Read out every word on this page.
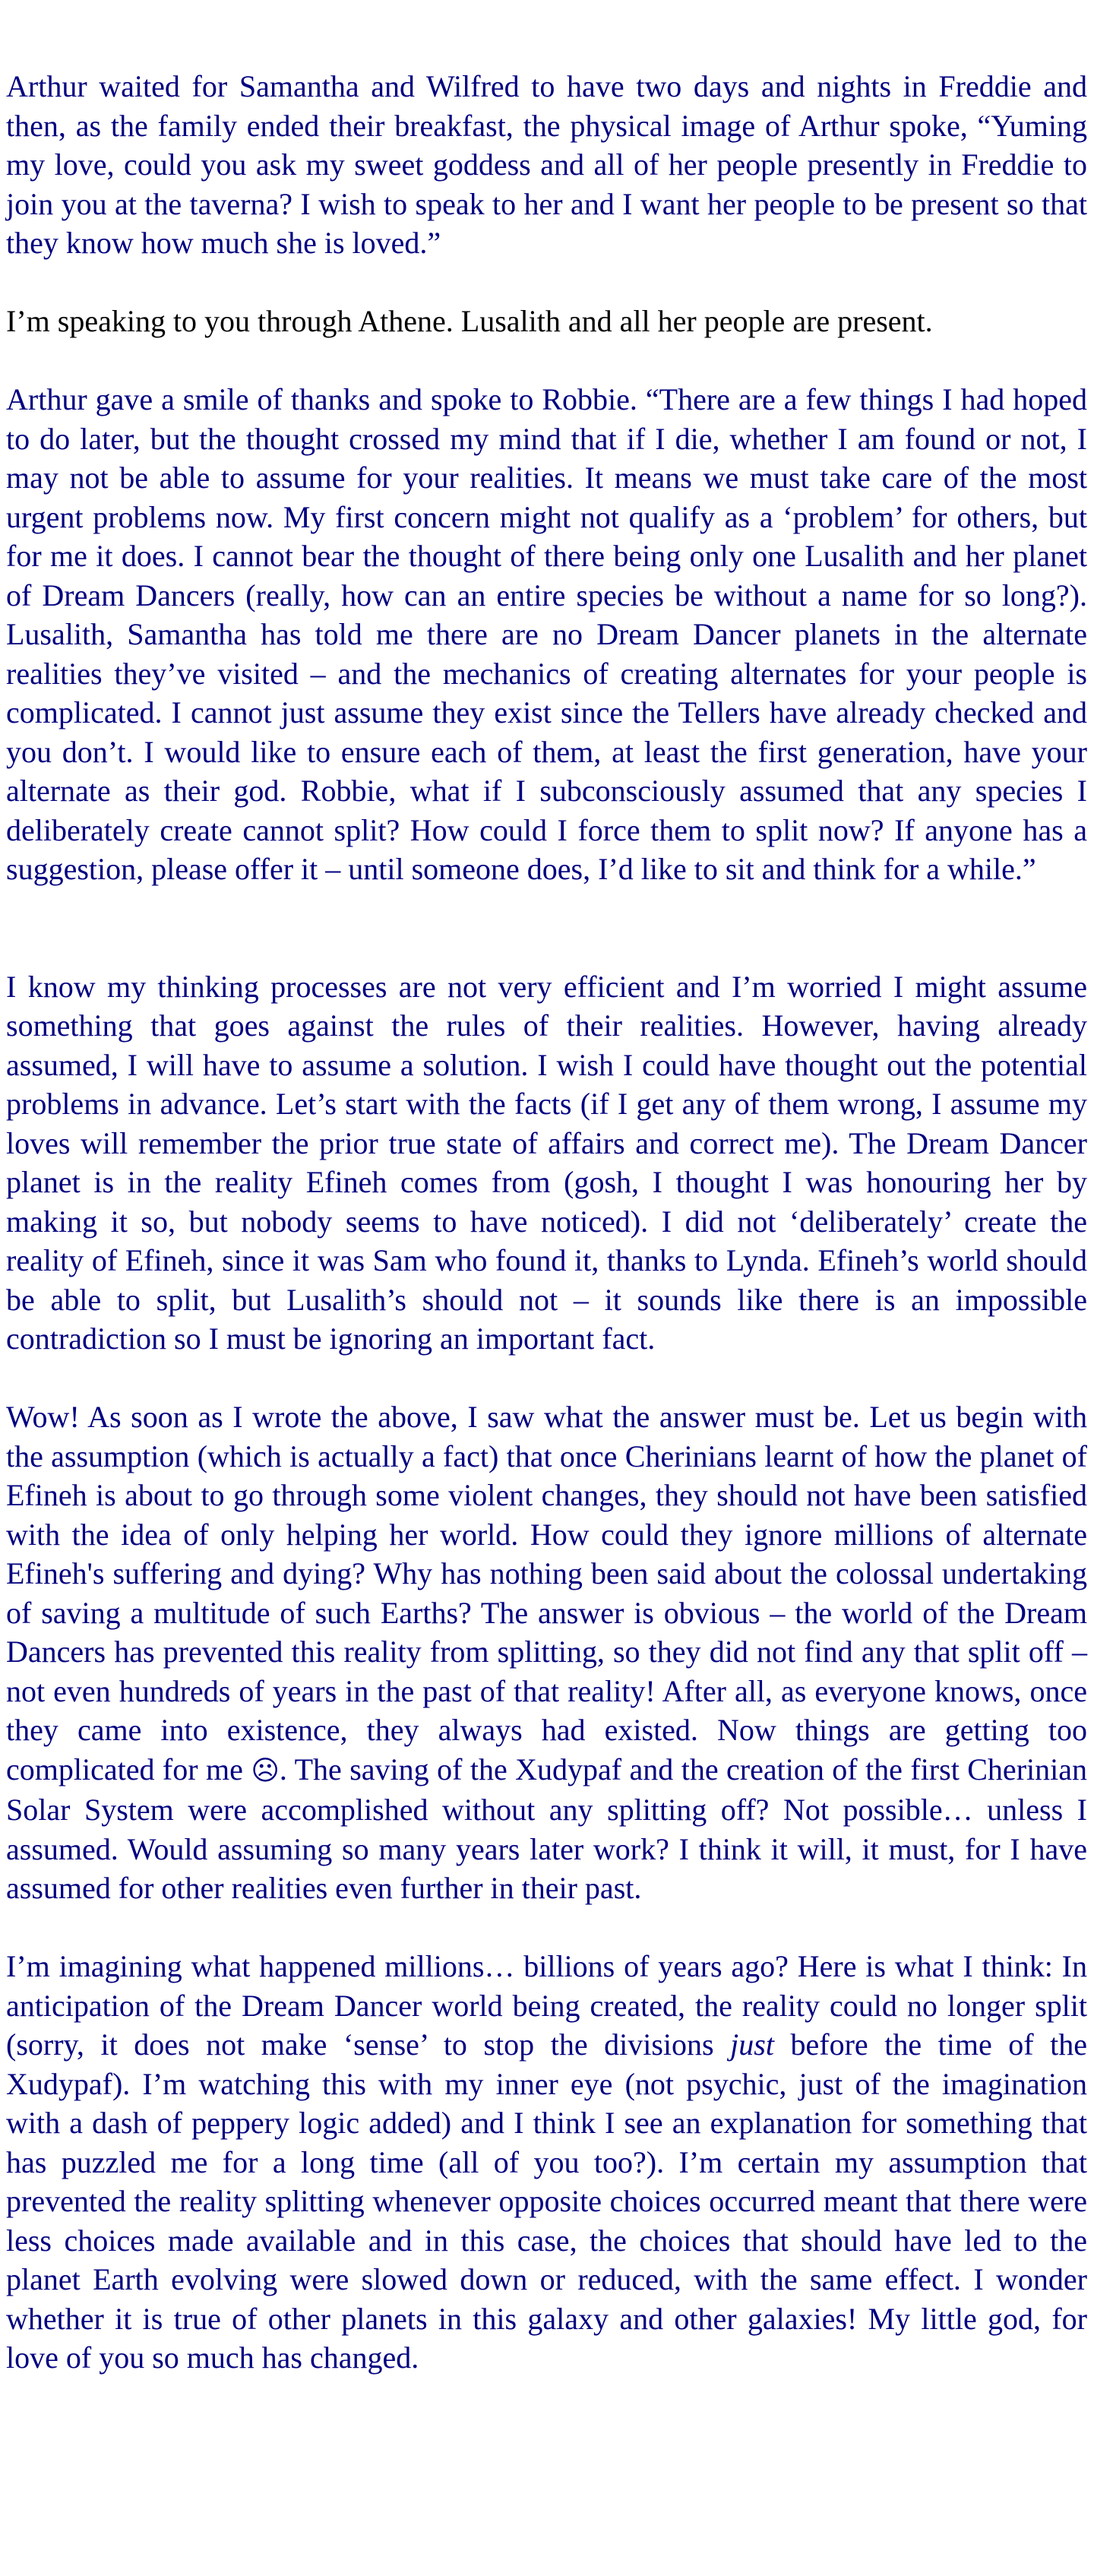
Arthur waited for Samantha and Wilfred to have two days and nights in Freddie and then, as the family ended their breakfast, the physical image of Arthur spoke, “Yuming my love, could you ask my sweet goddess and all of her people presently in Freddie to join you at the taverna? I wish to speak to her and I want her people to be present so that they know how much she is loved.”

I’m speaking to you through Athene. Lusalith and all her people are present.

Arthur gave a smile of thanks and spoke to Robbie. “There are a few things I had hoped to do later, but the thought crossed my mind that if I die, whether I am found or not, I may not be able to assume for your realities. It means we must take care of the most urgent problems now. My first concern might not qualify as a ‘problem’ for others, but for me it does. I cannot bear the thought of there being only one Lusalith and her planet of Dream Dancers (really, how can an entire species be without a name for so long?). Lusalith, Samantha has told me there are no Dream Dancer planets in the alternate realities they’ve visited – and the mechanics of creating alternates for your people is complicated. I cannot just assume they exist since the Tellers have already checked and you don’t. I would like to ensure each of them, at least the first generation, have your alternate as their god. Robbie, what if I subconsciously assumed that any species I deliberately create cannot split? How could I force them to split now? If anyone has a suggestion, please offer it – until someone does, I’d like to sit and think for a while.”

I know my thinking processes are not very efficient and I’m worried I might assume something that goes against the rules of their realities. However, having already assumed, I will have to assume a solution. I wish I could have thought out the potential problems in advance. Let’s start with the facts (if I get any of them wrong, I assume my loves will remember the prior true state of affairs and correct me). The Dream Dancer planet is in the reality Efineh comes from (gosh, I thought I was honouring her by making it so, but nobody seems to have noticed). I did not ‘deliberately’ create the reality of Efineh, since it was Sam who found it, thanks to Lynda. Efineh’s world should be able to split, but Lusalith’s should not – it sounds like there is an impossible contradiction so I must be ignoring an important fact.

Wow! As soon as I wrote the above, I saw what the answer must be. Let us begin with the assumption (which is actually a fact) that once Cherinians learnt of how the planet of Efineh is about to go through some violent changes, they should not have been satisfied with the idea of only helping her world. How could they ignore millions of alternate Efineh's suffering and dying? Why has nothing been said about the colossal undertaking of saving a multitude of such Earths? The answer is obvious – the world of the Dream Dancers has prevented this reality from splitting, so they did not find any that split off – not even hundreds of years in the past of that reality! After all, as everyone knows, once they came into existence, they always had existed. Now things are getting too complicated for me ☹. The saving of the Xudypaf and the creation of the first Cherinian Solar System were accomplished without any splitting off? Not possible… unless I assumed. Would assuming so many years later work? I think it will, it must, for I have assumed for other realities even further in their past.

I’m imagining what happened millions… billions of years ago? Here is what I think: In anticipation of the Dream Dancer world being created, the reality could no longer split (sorry, it does not make ‘sense’ to stop the divisions just before the time of the Xudypaf). I’m watching this with my inner eye (not psychic, just of the imagination with a dash of peppery logic added) and I think I see an explanation for something that has puzzled me for a long time (all of you too?). I’m certain my assumption that prevented the reality splitting whenever opposite choices occurred meant that there were less choices made available and in this case, the choices that should have led to the planet Earth evolving were slowed down or reduced, with the same effect. I wonder whether it is true of other planets in this galaxy and other galaxies! My little god, for love of you so much has changed.
